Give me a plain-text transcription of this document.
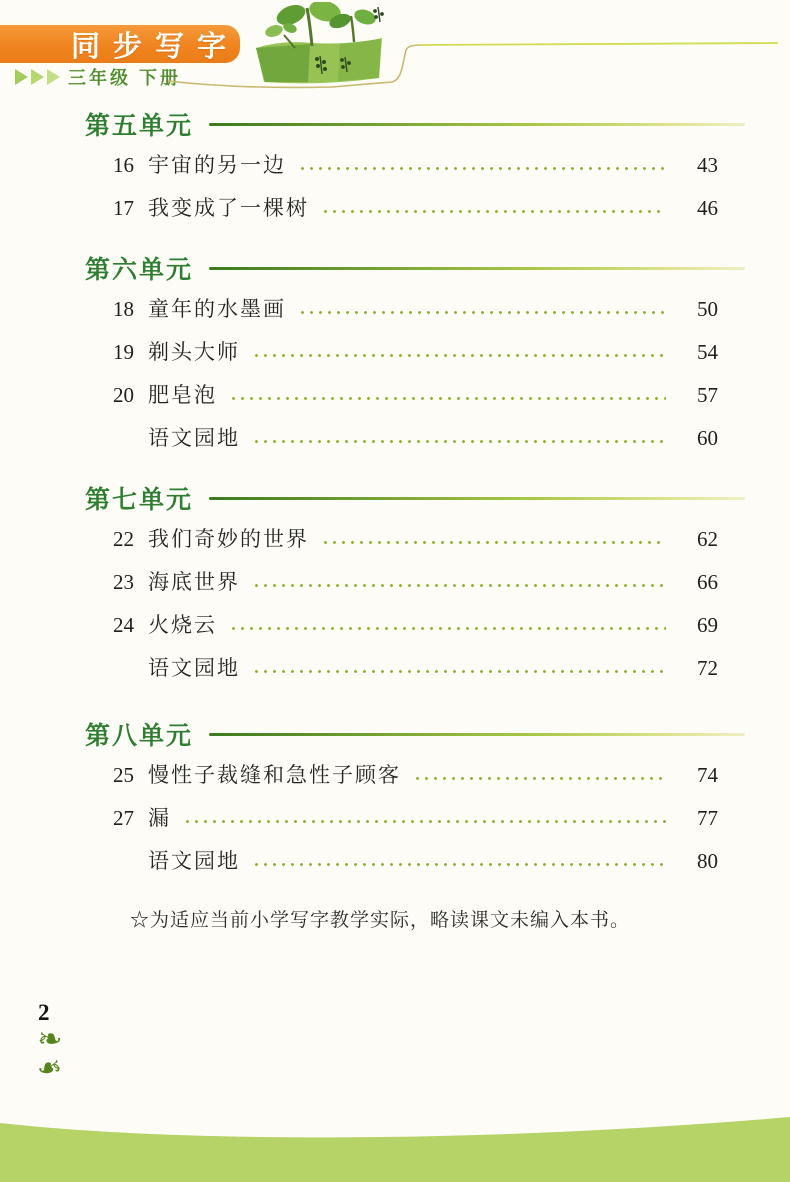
同步写字
三年级 下册
第五单元
16 宇宙的另一边	43
17 我变成了一棵树	46
第六单元
18 童年的水墨画	50
19 剃头大师	54
20 肥皂泡	57
语文园地	60
第七单元
22 我们奇妙的世界	62
23 海底世界	66
24 火烧云	69
语文园地	72
第八单元
25 慢性子裁缝和急性子顾客	74
27 漏	77
语文园地	80
☆为适应当前小学写字教学实际，略读课文未编入本书。
2
❧
❧
